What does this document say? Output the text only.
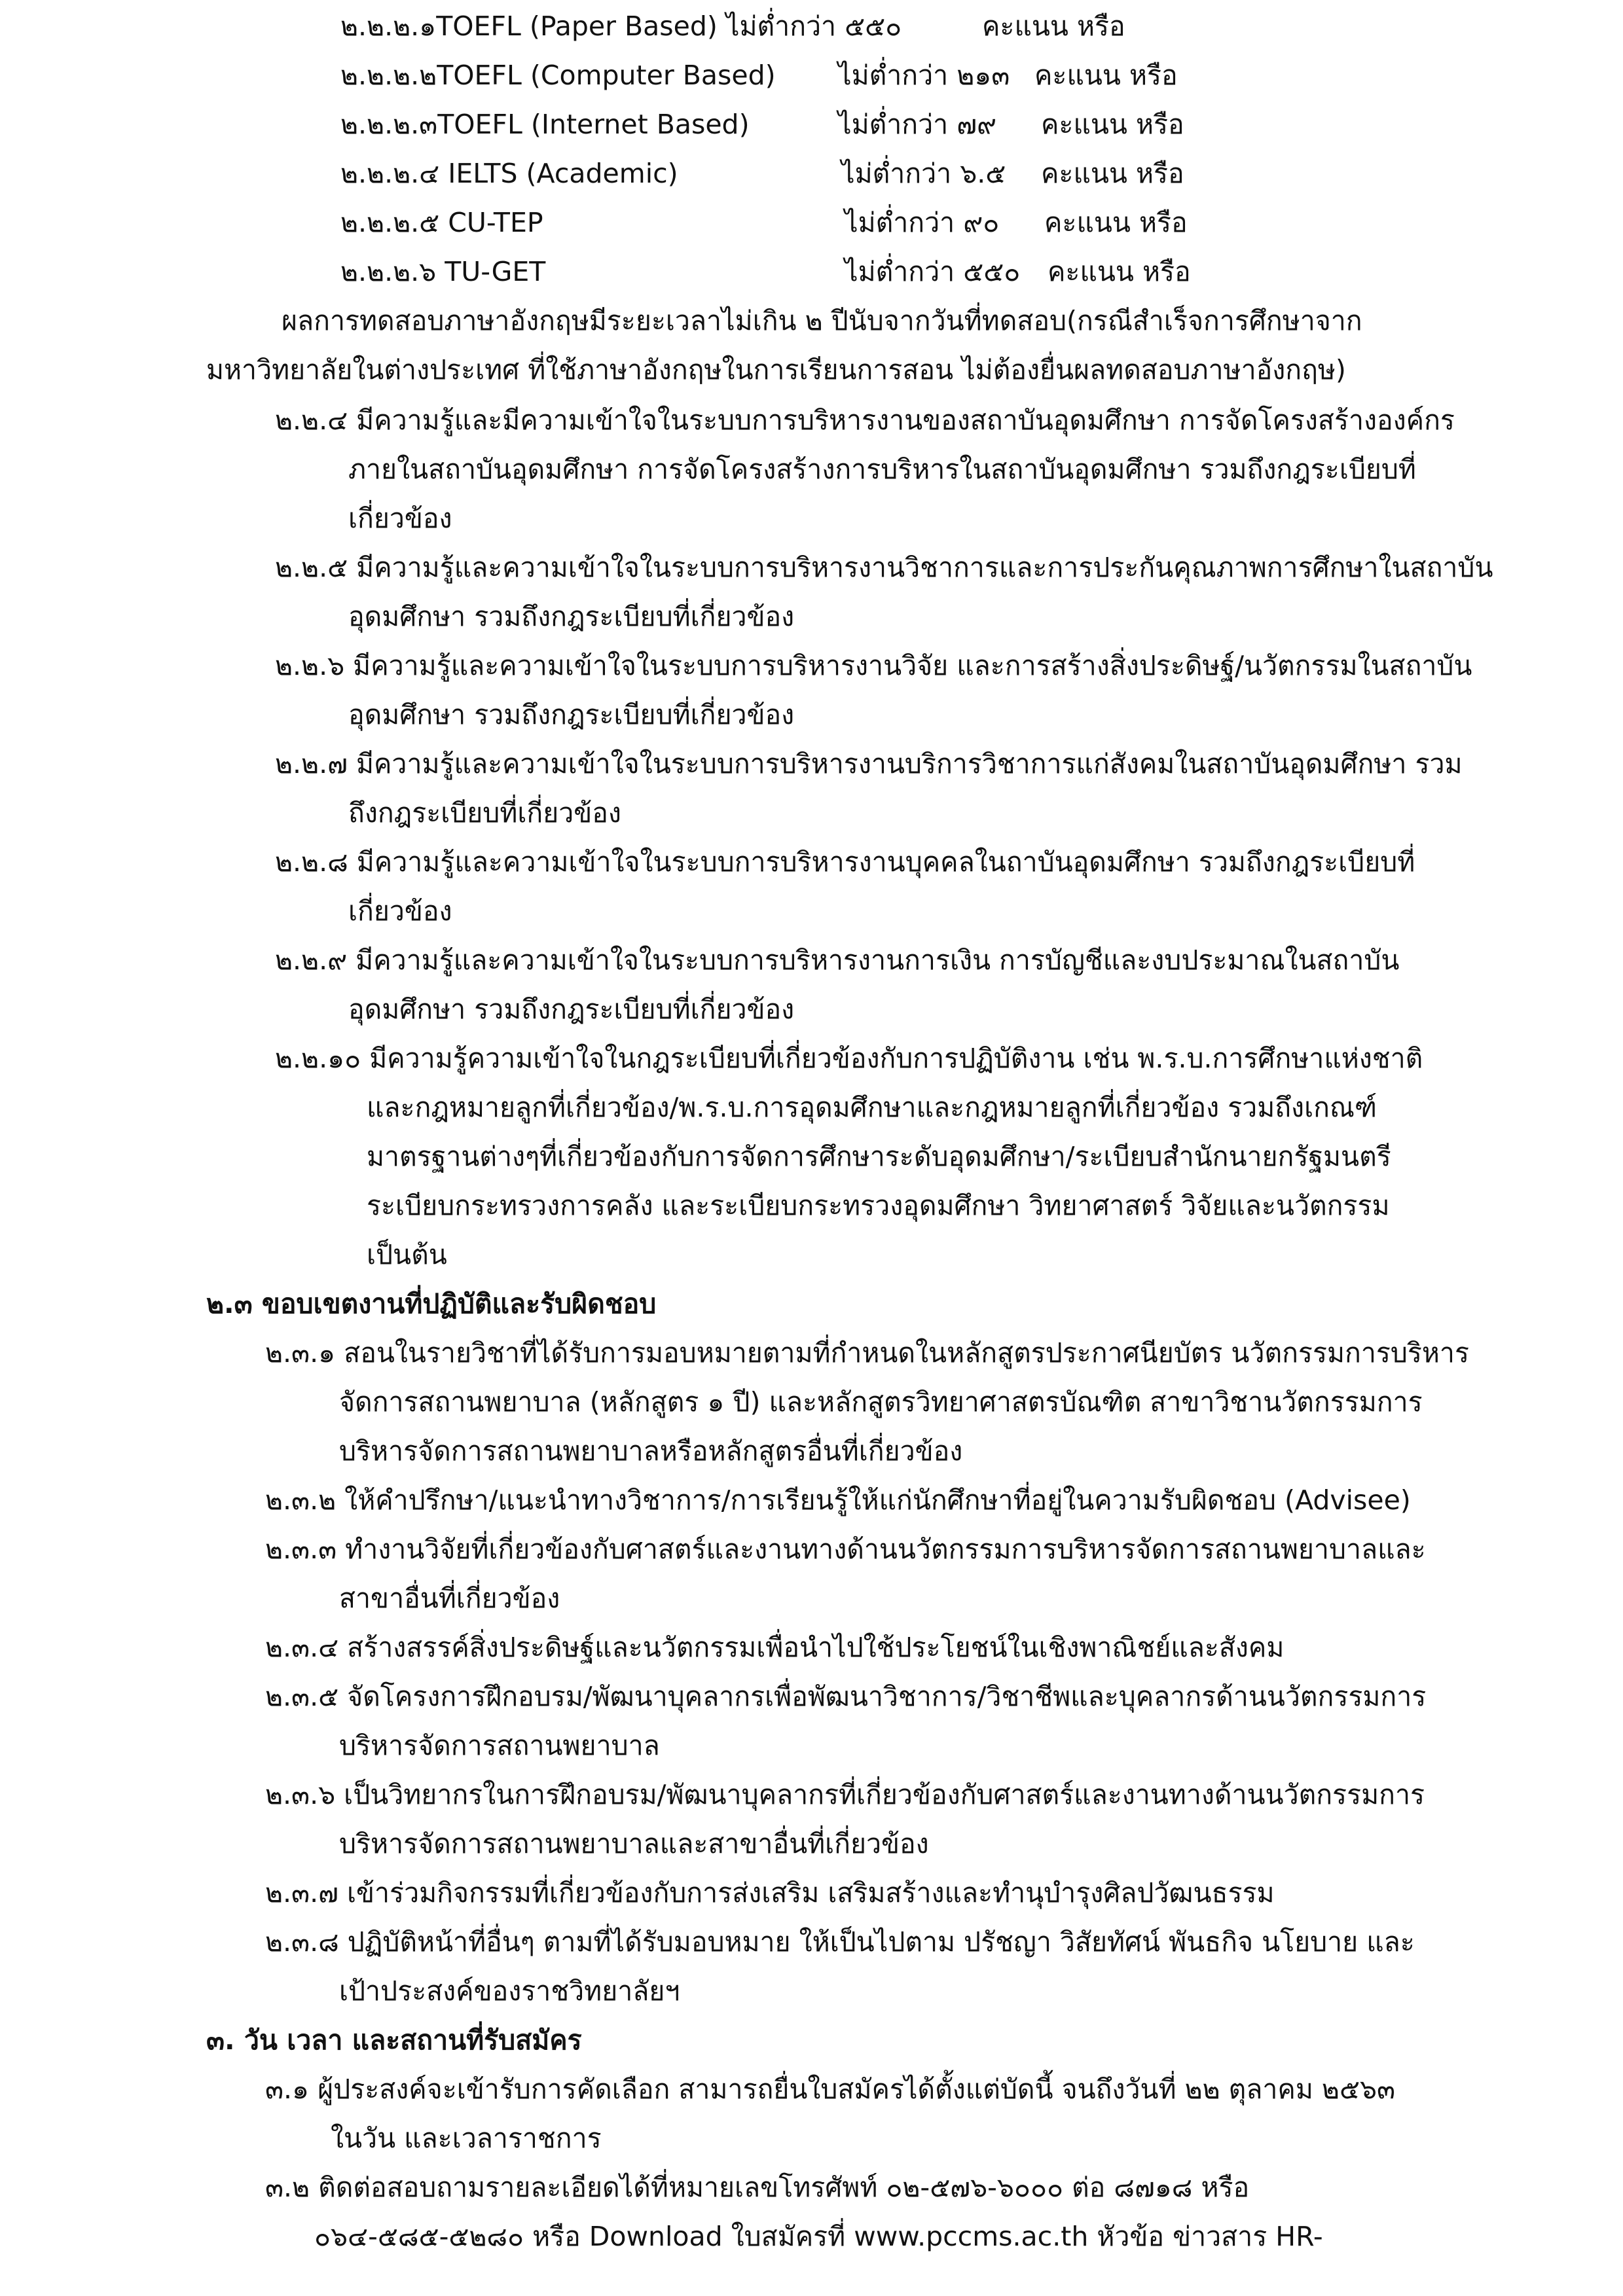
๒.๒.๒.๑TOEFL (Paper Based) ไม่ต่ำกว่า ๕๕๐	คะแนน หรือ
๒.๒.๒.๒TOEFL (Computer Based) ไม่ต่ำกว่า ๒๑๓ คะแนน หรือ
๒.๒.๒.๓TOEFL (Internet Based)	ไม่ต่ำกว่า ๗๙ คะแนน หรือ
๒.๒.๒.๔ IELTS (Academic)	ไม่ต่ำกว่า ๖.๕ คะแนน หรือ
๒.๒.๒.๕ CU-TEP	ไม่ต่ำกว่า ๙๐ คะแนน หรือ
๒.๒.๒.๖ TU-GET	ไม่ต่ำกว่า ๕๕๐ คะแนน หรือ
ผลการทดสอบภาษาอังกฤษมีระยะเวลาไม่เกิน ๒ ปีนับจากวันที่ทดสอบ(กรณีสำเร็จการศึกษาจาก
มหาวิทยาลัยในต่างประเทศ ที่ใช้ภาษาอังกฤษในการเรียนการสอน ไม่ต้องยื่นผลทดสอบภาษาอังกฤษ)
๒.๒.๔ มีความรู้และมีความเข้าใจในระบบการบริหารงานของสถาบันอุดมศึกษา การจัดโครงสร้างองค์กร
ภายในสถาบันอุดมศึกษา การจัดโครงสร้างการบริหารในสถาบันอุดมศึกษา รวมถึงกฎระเบียบที่
เกี่ยวข้อง
๒.๒.๕ มีความรู้และความเข้าใจในระบบการบริหารงานวิชาการและการประกันคุณภาพการศึกษาในสถาบัน
อุดมศึกษา รวมถึงกฎระเบียบที่เกี่ยวข้อง
๒.๒.๖ มีความรู้และความเข้าใจในระบบการบริหารงานวิจัย และการสร้างสิ่งประดิษฐ์/นวัตกรรมในสถาบัน
อุดมศึกษา รวมถึงกฎระเบียบที่เกี่ยวข้อง
๒.๒.๗ มีความรู้และความเข้าใจในระบบการบริหารงานบริการวิชาการแก่สังคมในสถาบันอุดมศึกษา รวม
ถึงกฎระเบียบที่เกี่ยวข้อง
๒.๒.๘ มีความรู้และความเข้าใจในระบบการบริหารงานบุคคลในถาบันอุดมศึกษา รวมถึงกฎระเบียบที่
เกี่ยวข้อง
๒.๒.๙ มีความรู้และความเข้าใจในระบบการบริหารงานการเงิน การบัญชีและงบประมาณในสถาบัน
อุดมศึกษา รวมถึงกฎระเบียบที่เกี่ยวข้อง
๒.๒.๑๐ มีความรู้ความเข้าใจในกฎระเบียบที่เกี่ยวข้องกับการปฏิบัติงาน เช่น พ.ร.บ.การศึกษาแห่งชาติ
และกฎหมายลูกที่เกี่ยวข้อง/พ.ร.บ.การอุดมศึกษาและกฎหมายลูกที่เกี่ยวข้อง รวมถึงเกณฑ์
มาตรฐานต่างๆที่เกี่ยวข้องกับการจัดการศึกษาระดับอุดมศึกษา/ระเบียบสำนักนายกรัฐมนตรี
ระเบียบกระทรวงการคลัง และระเบียบกระทรวงอุดมศึกษา วิทยาศาสตร์ วิจัยและนวัตกรรม
เป็นต้น
๒.๓ ขอบเขตงานที่ปฏิบัติและรับผิดชอบ
๒.๓.๑ สอนในรายวิชาที่ได้รับการมอบหมายตามที่กำหนดในหลักสูตรประกาศนียบัตร นวัตกรรมการบริหาร
จัดการสถานพยาบาล (หลักสูตร ๑ ปี) และหลักสูตรวิทยาศาสตรบัณฑิต สาขาวิชานวัตกรรมการ
บริหารจัดการสถานพยาบาลหรือหลักสูตรอื่นที่เกี่ยวข้อง
๒.๓.๒ ให้คำปรึกษา/แนะนำทางวิชาการ/การเรียนรู้ให้แก่นักศึกษาที่อยู่ในความรับผิดชอบ (Advisee)
๒.๓.๓ ทำงานวิจัยที่เกี่ยวข้องกับศาสตร์และงานทางด้านนวัตกรรมการบริหารจัดการสถานพยาบาลและ
สาขาอื่นที่เกี่ยวข้อง
๒.๓.๔ สร้างสรรค์สิ่งประดิษฐ์และนวัตกรรมเพื่อนำไปใช้ประโยชน์ในเชิงพาณิชย์และสังคม
๒.๓.๕ จัดโครงการฝึกอบรม/พัฒนาบุคลากรเพื่อพัฒนาวิชาการ/วิชาชีพและบุคลากรด้านนวัตกรรมการ
บริหารจัดการสถานพยาบาล
๒.๓.๖ เป็นวิทยากรในการฝึกอบรม/พัฒนาบุคลากรที่เกี่ยวข้องกับศาสตร์และงานทางด้านนวัตกรรมการ
บริหารจัดการสถานพยาบาลและสาขาอื่นที่เกี่ยวข้อง
๒.๓.๗ เข้าร่วมกิจกรรมที่เกี่ยวข้องกับการส่งเสริม เสริมสร้างและทำนุบำรุงศิลปวัฒนธรรม
๒.๓.๘ ปฏิบัติหน้าที่อื่นๆ ตามที่ได้รับมอบหมาย ให้เป็นไปตาม ปรัชญา วิสัยทัศน์ พันธกิจ นโยบาย และ
เป้าประสงค์ของราชวิทยาลัยฯ
๓. วัน เวลา และสถานที่รับสมัคร
๓.๑ ผู้ประสงค์จะเข้ารับการคัดเลือก สามารถยื่นใบสมัครได้ตั้งแต่บัดนี้ จนถึงวันที่ ๒๒ ตุลาคม ๒๕๖๓
ในวัน และเวลาราชการ
๓.๒ ติดต่อสอบถามรายละเอียดได้ที่หมายเลขโทรศัพท์ ๐๒-๕๗๖-๖๐๐๐ ต่อ ๘๗๑๘ หรือ
๐๖๔-๕๘๕-๕๒๘๐ หรือ Download ใบสมัครที่ www.pccms.ac.th หัวข้อ ข่าวสาร HR-
